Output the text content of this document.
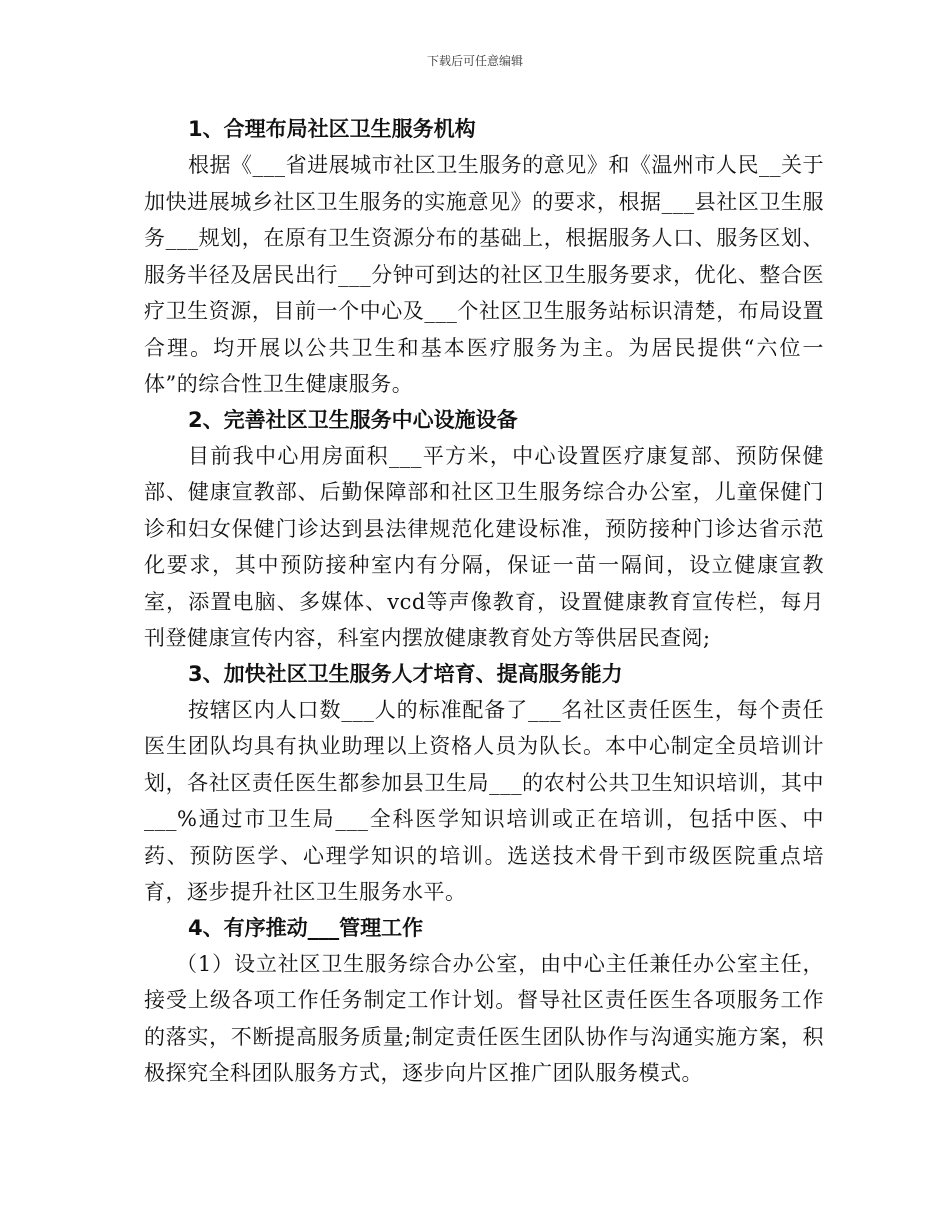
下载后可任意编辑
1、合理布局社区卫生服务机构

根据《___省进展城市社区卫生服务的意见》和《温州市人民__关于加快进展城乡社区卫生服务的实施意见》的要求，根据___县社区卫生服务___规划，在原有卫生资源分布的基础上，根据服务人口、服务区划、服务半径及居民出行___分钟可到达的社区卫生服务要求，优化、整合医疗卫生资源，目前一个中心及___个社区卫生服务站标识清楚，布局设置合理。均开展以公共卫生和基本医疗服务为主。为居民提供“六位一体”的综合性卫生健康服务。

2、完善社区卫生服务中心设施设备

目前我中心用房面积___平方米，中心设置医疗康复部、预防保健部、健康宣教部、后勤保障部和社区卫生服务综合办公室，儿童保健门诊和妇女保健门诊达到县法律规范化建设标准，预防接种门诊达省示范化要求，其中预防接种室内有分隔，保证一苗一隔间，设立健康宣教室，添置电脑、多媒体、vcd等声像教育，设置健康教育宣传栏，每月刊登健康宣传内容，科室内摆放健康教育处方等供居民查阅;

3、加快社区卫生服务人才培育、提高服务能力

按辖区内人口数___人的标准配备了___名社区责任医生，每个责任医生团队均具有执业助理以上资格人员为队长。本中心制定全员培训计划，各社区责任医生都参加县卫生局___的农村公共卫生知识培训，其中___%通过市卫生局___全科医学知识培训或正在培训，包括中医、中药、预防医学、心理学知识的培训。选送技术骨干到市级医院重点培育，逐步提升社区卫生服务水平。

4、有序推动___管理工作

（1）设立社区卫生服务综合办公室，由中心主任兼任办公室主任，接受上级各项工作任务制定工作计划。督导社区责任医生各项服务工作的落实，不断提高服务质量;制定责任医生团队协作与沟通实施方案，积极探究全科团队服务方式，逐步向片区推广团队服务模式。
